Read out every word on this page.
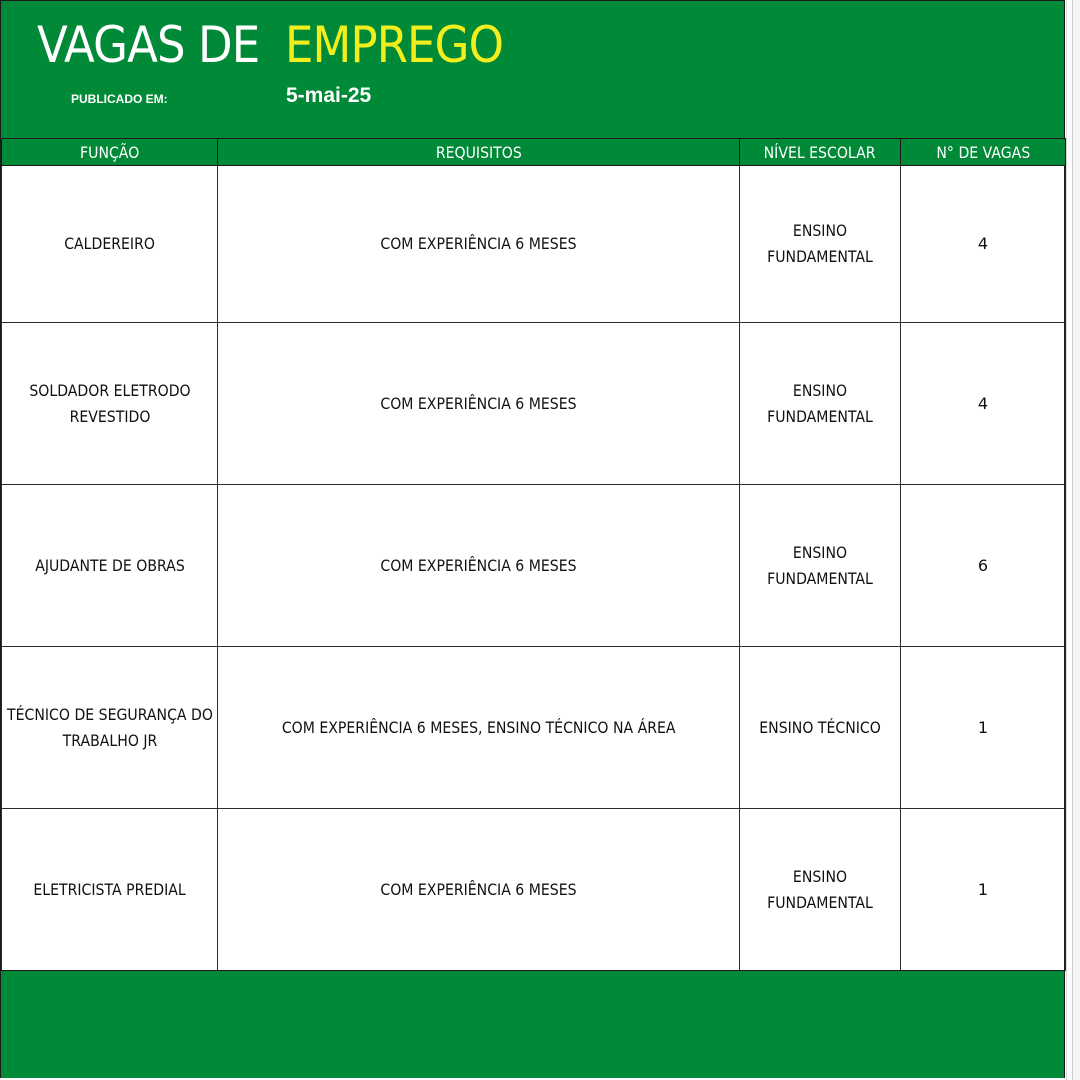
VAGAS DE EMPREGO
PUBLICADO EM:	5-mai-25
FUNÇÃO	REQUISITOS	NÍVEL ESCOLAR	N° DE VAGAS
CALDEREIRO	COM EXPERIÊNCIA 6 MESES	ENSINO FUNDAMENTAL	4
SOLDADOR ELETRODO REVESTIDO	COM EXPERIÊNCIA 6 MESES	ENSINO FUNDAMENTAL	4
AJUDANTE DE OBRAS	COM EXPERIÊNCIA 6 MESES	ENSINO FUNDAMENTAL	6
TÉCNICO DE SEGURANÇA DO TRABALHO JR	COM EXPERIÊNCIA 6 MESES, ENSINO TÉCNICO NA ÁREA	ENSINO TÉCNICO	1
ELETRICISTA PREDIAL	COM EXPERIÊNCIA 6 MESES	ENSINO FUNDAMENTAL	1
